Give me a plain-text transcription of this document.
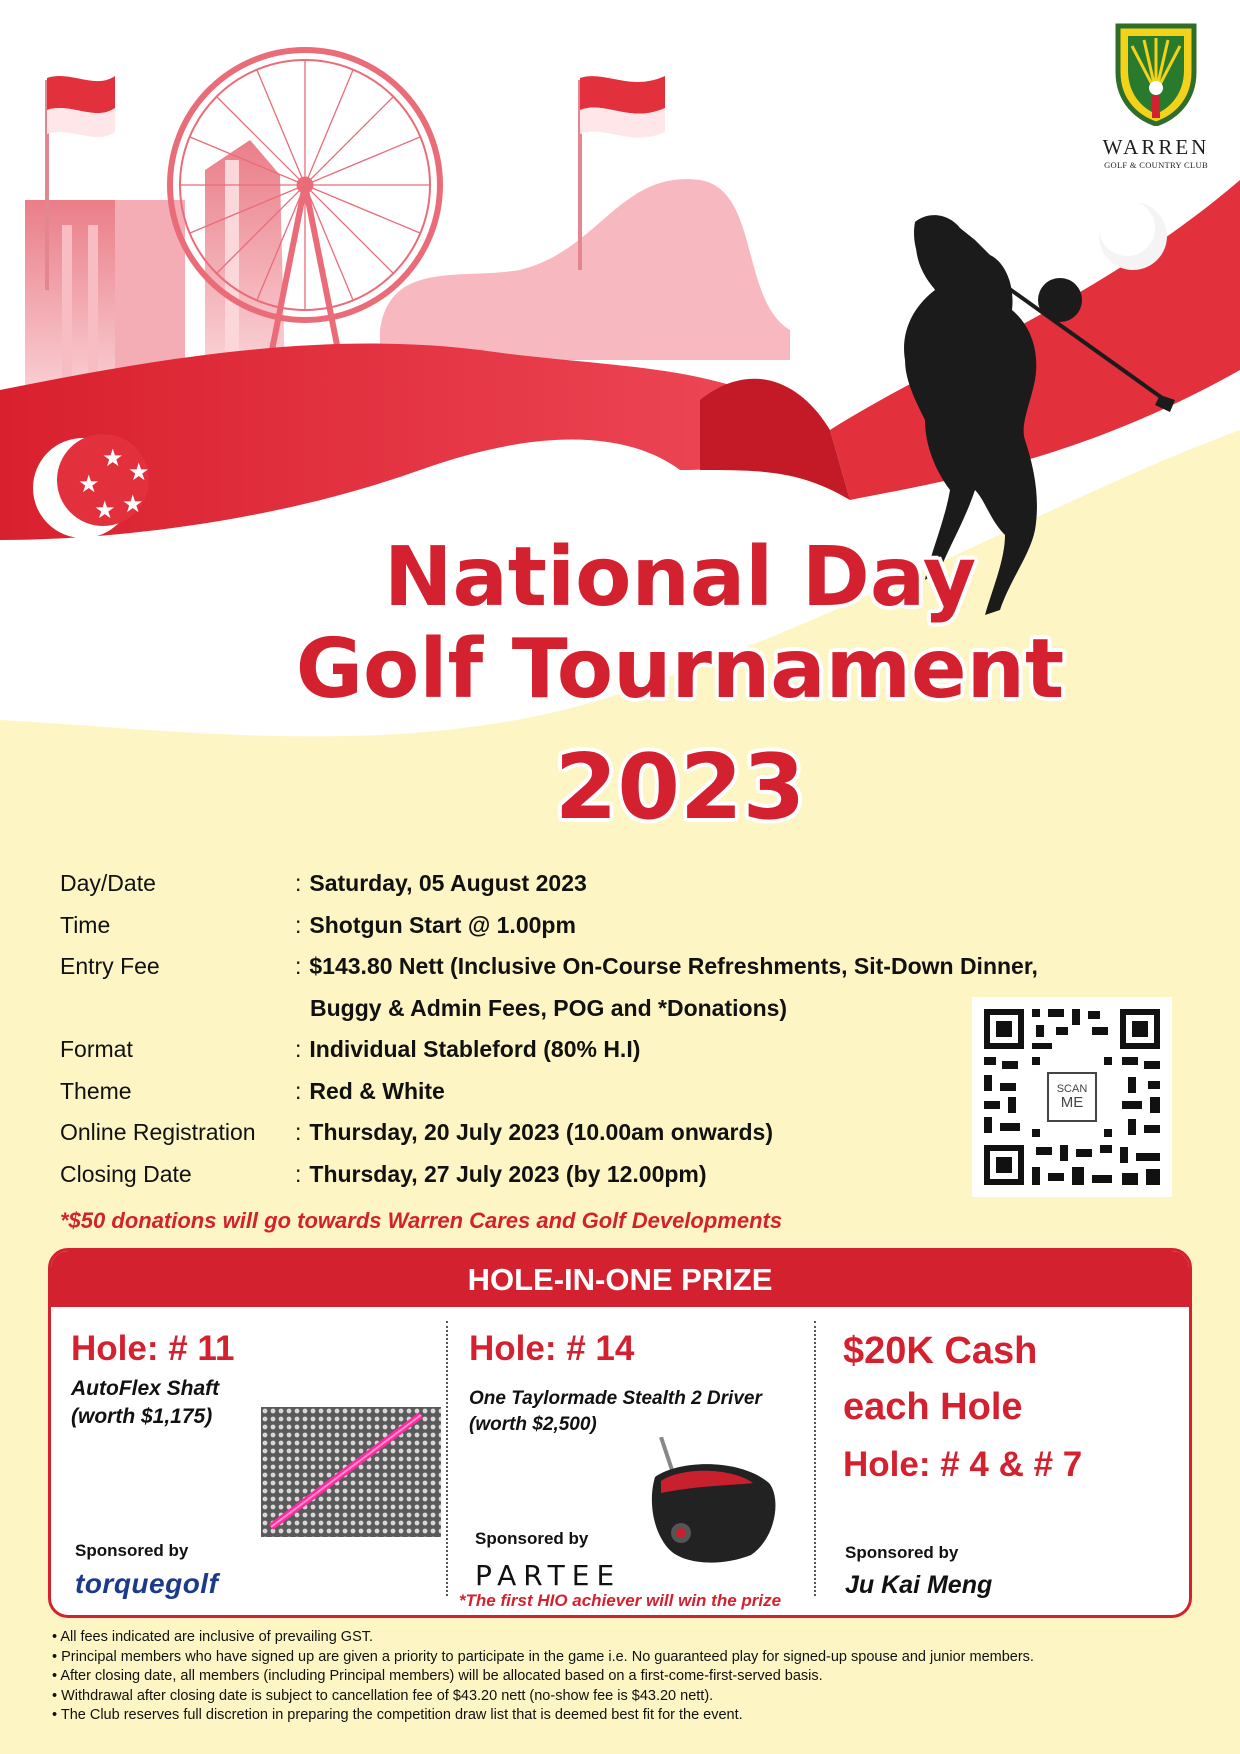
★ ★
★
★
★
WARREN
GOLF & COUNTRY CLUB
National Day
Golf Tournament
2023
Day/Date	: Saturday, 05 August 2023
Time	: Shotgun Start @ 1.00pm
Entry Fee	: $143.80 Nett (Inclusive On-Course Refreshments, Sit-Down Dinner,
Buggy & Admin Fees, POG and *Donations)
Format	: Individual Stableford (80% H.I)
Theme	: Red & White
Online Registration : Thursday, 20 July 2023 (10.00am onwards)
Closing Date	: Thursday, 27 July 2023 (by 12.00pm)
SCAN
ME
*$50 donations will go towards Warren Cares and Golf Developments
HOLE-IN-ONE PRIZE
Hole: # 11
AutoFlex Shaft
(worth $1,175)
Sponsored by
torquegolf
Hole: # 14
One Taylormade Stealth 2 Driver
(worth $2,500)
Sponsored by
PARTEE
$20K Cash
each Hole
Hole: # 4 & # 7
Sponsored by
Ju Kai Meng
*The first HIO achiever will win the prize
• All fees indicated are inclusive of prevailing GST.
• Principal members who have signed up are given a priority to participate in the game i.e. No guaranteed play for signed-up spouse and junior members.
• After closing date, all members (including Principal members) will be allocated based on a first-come-first-served basis.
• Withdrawal after closing date is subject to cancellation fee of $43.20 nett (no-show fee is $43.20 nett).
• The Club reserves full discretion in preparing the competition draw list that is deemed best fit for the event.
